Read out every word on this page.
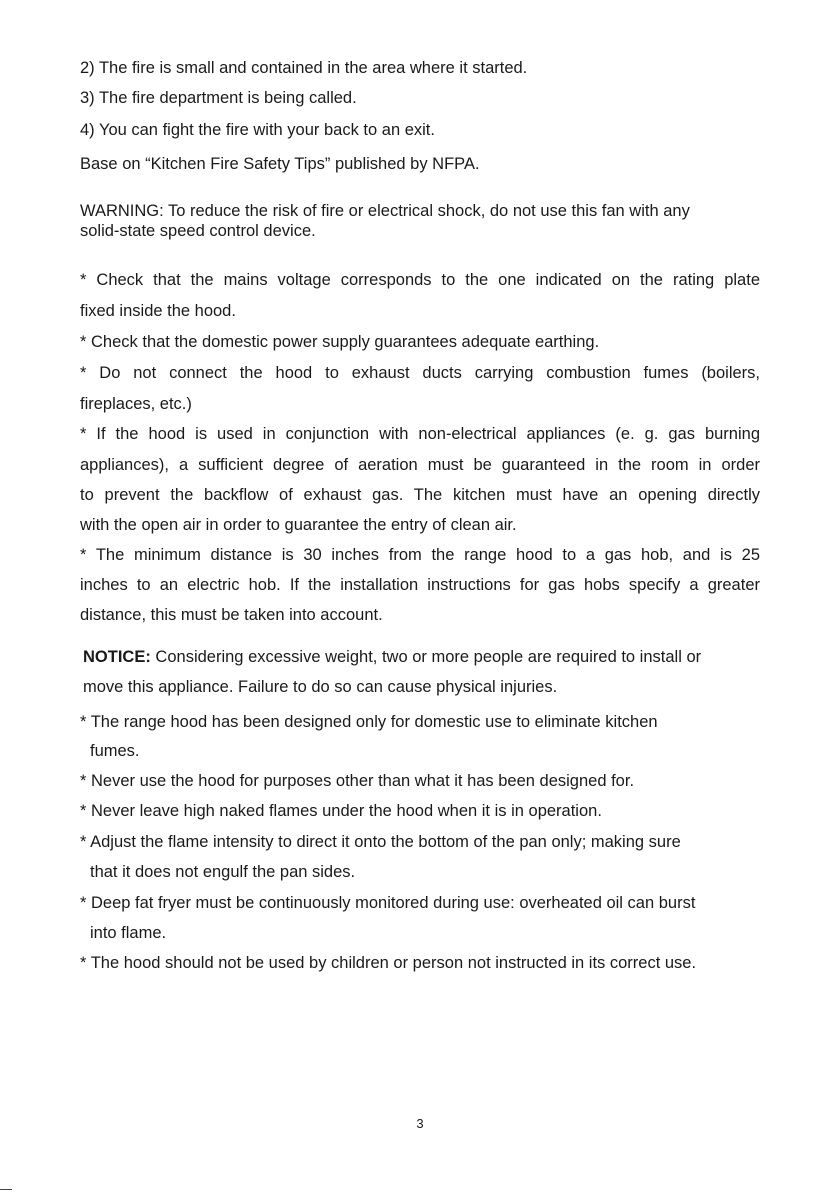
2) The fire is small and contained in the area where it started.
3) The fire department is being called.
4) You can fight the fire with your back to an exit.
Base on “Kitchen Fire Safety Tips” published by NFPA.
WARNING: To reduce the risk of fire or electrical shock, do not use this fan with any
solid-state speed control device.
* Check that the mains voltage corresponds to the one indicated on the rating plate
fixed inside the hood.
* Check that the domestic power supply guarantees adequate earthing.
* Do not connect the hood to exhaust ducts carrying combustion fumes (boilers,
fireplaces, etc.)
* If the hood is used in conjunction with non-electrical appliances (e. g. gas burning
appliances), a sufficient degree of aeration must be guaranteed in the room in order
to prevent the backflow of exhaust gas. The kitchen must have an opening directly
with the open air in order to guarantee the entry of clean air.
* The minimum distance is 30 inches from the range hood to a gas hob, and is 25
inches to an electric hob. If the installation instructions for gas hobs specify a greater
distance, this must be taken into account.
NOTICE: Considering excessive weight, two or more people are required to install or
move this appliance. Failure to do so can cause physical injuries.
* The range hood has been designed only for domestic use to eliminate kitchen
fumes.
* Never use the hood for purposes other than what it has been designed for.
* Never leave high naked flames under the hood when it is in operation.
* Adjust the flame intensity to direct it onto the bottom of the pan only; making sure
that it does not engulf the pan sides.
* Deep fat fryer must be continuously monitored during use: overheated oil can burst
into flame.
* The hood should not be used by children or person not instructed in its correct use.
3
